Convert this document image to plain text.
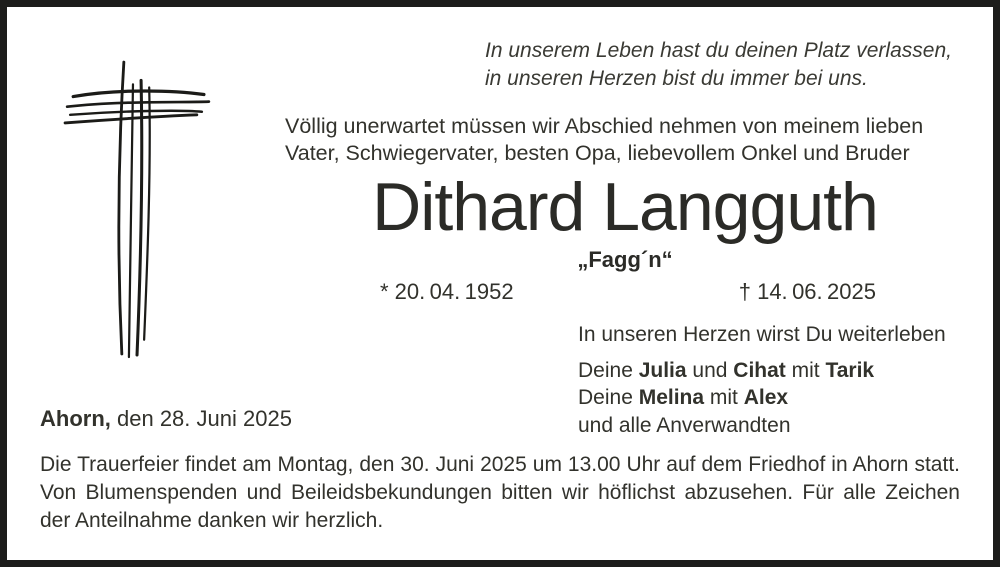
In unserem Leben hast du deinen Platz verlassen,
in unseren Herzen bist du immer bei uns.
Völlig unerwartet müssen wir Abschied nehmen von meinem lieben
Vater, Schwiegervater, besten Opa, liebevollem Onkel und Bruder
Dithard Langguth
„Fagg´n“
* 20. 04. 1952	† 14. 06. 2025
In unseren Herzen wirst Du weiterleben
Deine Julia und Cihat mit Tarik
Deine Melina mit Alex
und alle Anverwandten
Ahorn, den 28. Juni 2025
Die Trauerfeier findet am Montag, den 30. Juni 2025 um 13.00 Uhr auf dem Friedhof in Ahorn statt. Von Blumenspenden und Beileidsbekundungen bitten wir höflichst abzusehen. Für alle Zeichen der Anteilnahme danken wir herzlich.
